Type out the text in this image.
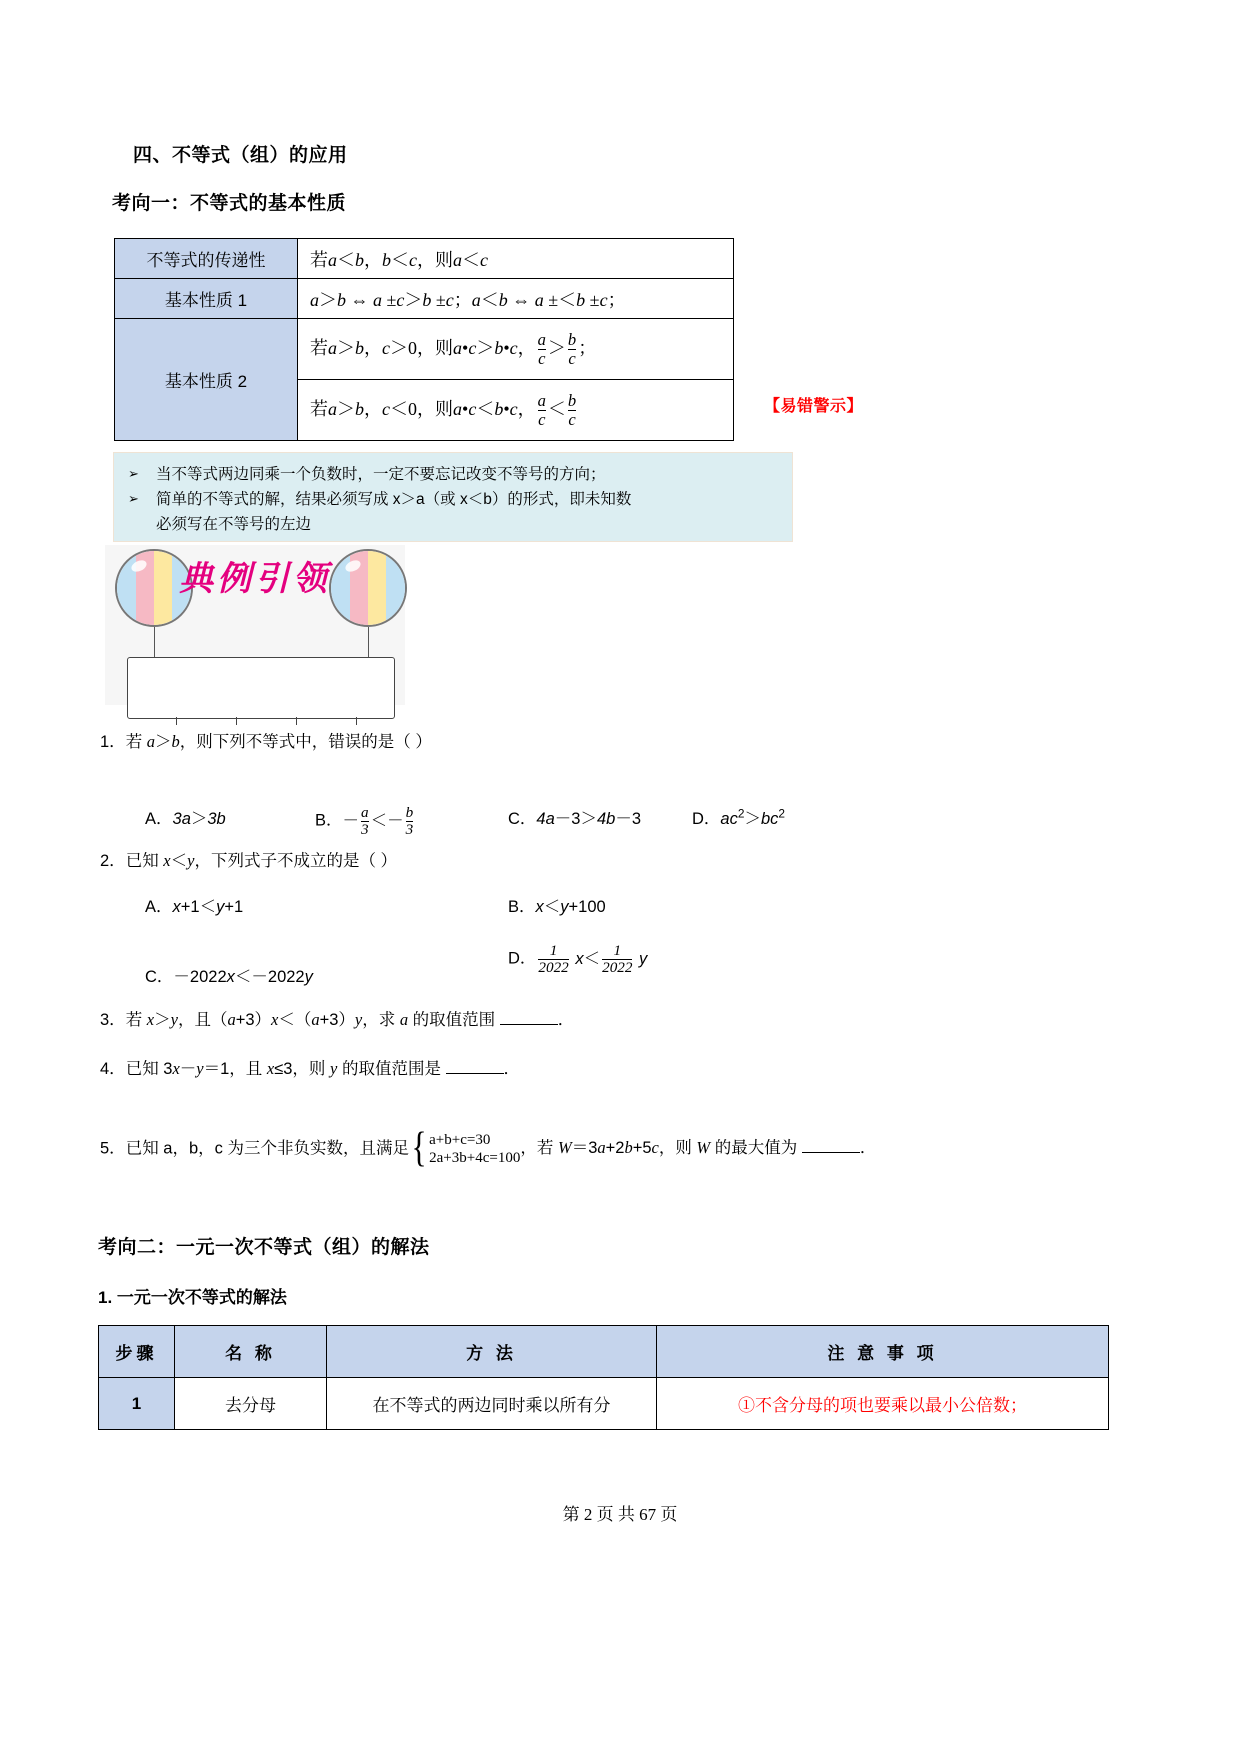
四、不等式（组）的应用
考向一：不等式的基本性质
不等式的传递性	若a＜b，b＜c，则a＜c
基本性质 1	a＞b ⇔ a ±c＞b ±c；a＜b ⇔ a ±＜b ±c；
基本性质 2	若a＞b，c＞0，则a•c＞b•c， $\frac{a}{c} > \frac{b}{c}$ ；
若a＞b，c＜0，则a•c＜b•c， $\frac{a}{c} < \frac{b}{c}$	【易错警示】
➢	当不等式两边同乘一个负数时，一定不要忘记改变不等号的方向；
➢	简单的不等式的解，结果必须写成 x＞a（或 x＜b）的形式，即未知数
必须写在不等号的左边
典例引领
1．若 a＞b，则下列不等式中，错误的是（ ）
A．3a＞3b	B．－ $\frac{a}{3} <- \frac{b}{3}$	C．4a－3＞4b－3	D．$ac^2>bc^2$
2．已知 x＜y，下列式子不成立的是（ ）
A．x+1＜y+1	B．x＜y+100
C．－2022x＜－2022y
D． $\frac{1}{2022} x< \frac{1}{2022}$ y
3．若 x＞y，且（a+3）x＜（a+3）y，求 a 的取值范围	．
4．已知 3x－y＝1，且 x≤3，则 y 的取值范围是	．
5．已知 a，b，c 为三个非负实数，且满足 { a+b+c=30
2a+3b+4c=100
，若 W＝3a+2b+5c，则 W 的最大值为	．
考向二：一元一次不等式（组）的解法
1. 一元一次不等式的解法
步骤	名 称	方 法	注 意 事 项
1	去分母	在不等式的两边同时乘以所有分	①不含分母的项也要乘以最小公倍数；
第 2 页 共 67 页
